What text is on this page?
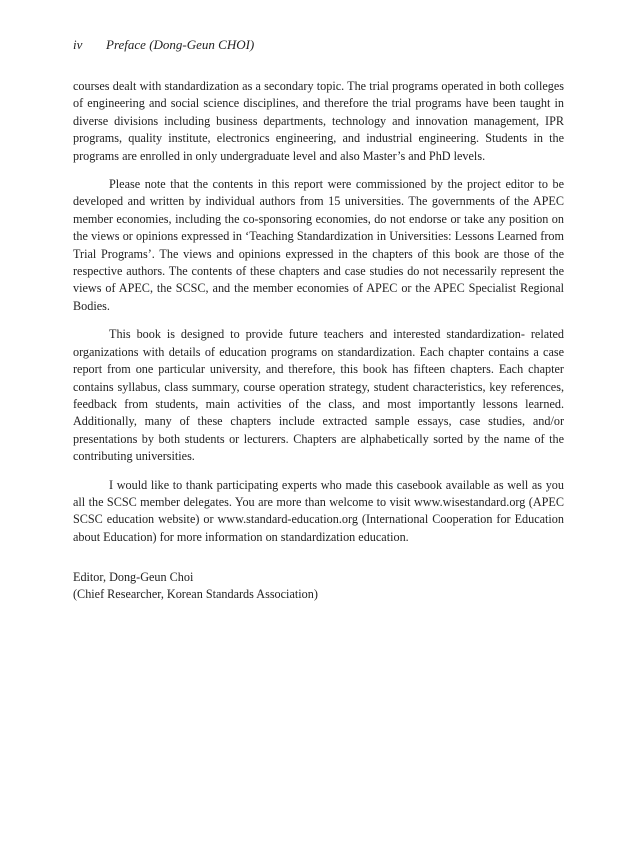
iv Preface (Dong-Geun CHOI)

courses dealt with standardization as a secondary topic. The trial programs operated in both colleges of engineering and social science disciplines, and therefore the trial programs have been taught in diverse divisions including business departments, technology and innovation management, IPR programs, quality institute, electronics engineering, and industrial engineering. Students in the programs are enrolled in only undergraduate level and also Master’s and PhD levels.

Please note that the contents in this report were commissioned by the project editor to be developed and written by individual authors from 15 universities. The governments of the APEC member economies, including the co-sponsoring economies, do not endorse or take any position on the views or opinions expressed in ‘Teaching Standardization in Universities: Lessons Learned from Trial Programs’. The views and opinions expressed in the chapters of this book are those of the respective authors. The contents of these chapters and case studies do not necessarily represent the views of APEC, the SCSC, and the member economies of APEC or the APEC Specialist Regional Bodies.

This book is designed to provide future teachers and interested standardization- related organizations with details of education programs on standardization. Each chapter contains a case report from one particular university, and therefore, this book has fifteen chapters. Each chapter contains syllabus, class summary, course operation strategy, student characteristics, key references, feedback from students, main activities of the class, and most importantly lessons learned. Additionally, many of these chapters include extracted sample essays, case studies, and/or presentations by both students or lecturers. Chapters are alphabetically sorted by the name of the contributing universities.

I would like to thank participating experts who made this casebook available as well as you all the SCSC member delegates. You are more than welcome to visit www.wisestandard.org (APEC SCSC education website) or www.standard-education.org (International Cooperation for Education about Education) for more information on standardization education.

Editor, Dong-Geun Choi
(Chief Researcher, Korean Standards Association)
